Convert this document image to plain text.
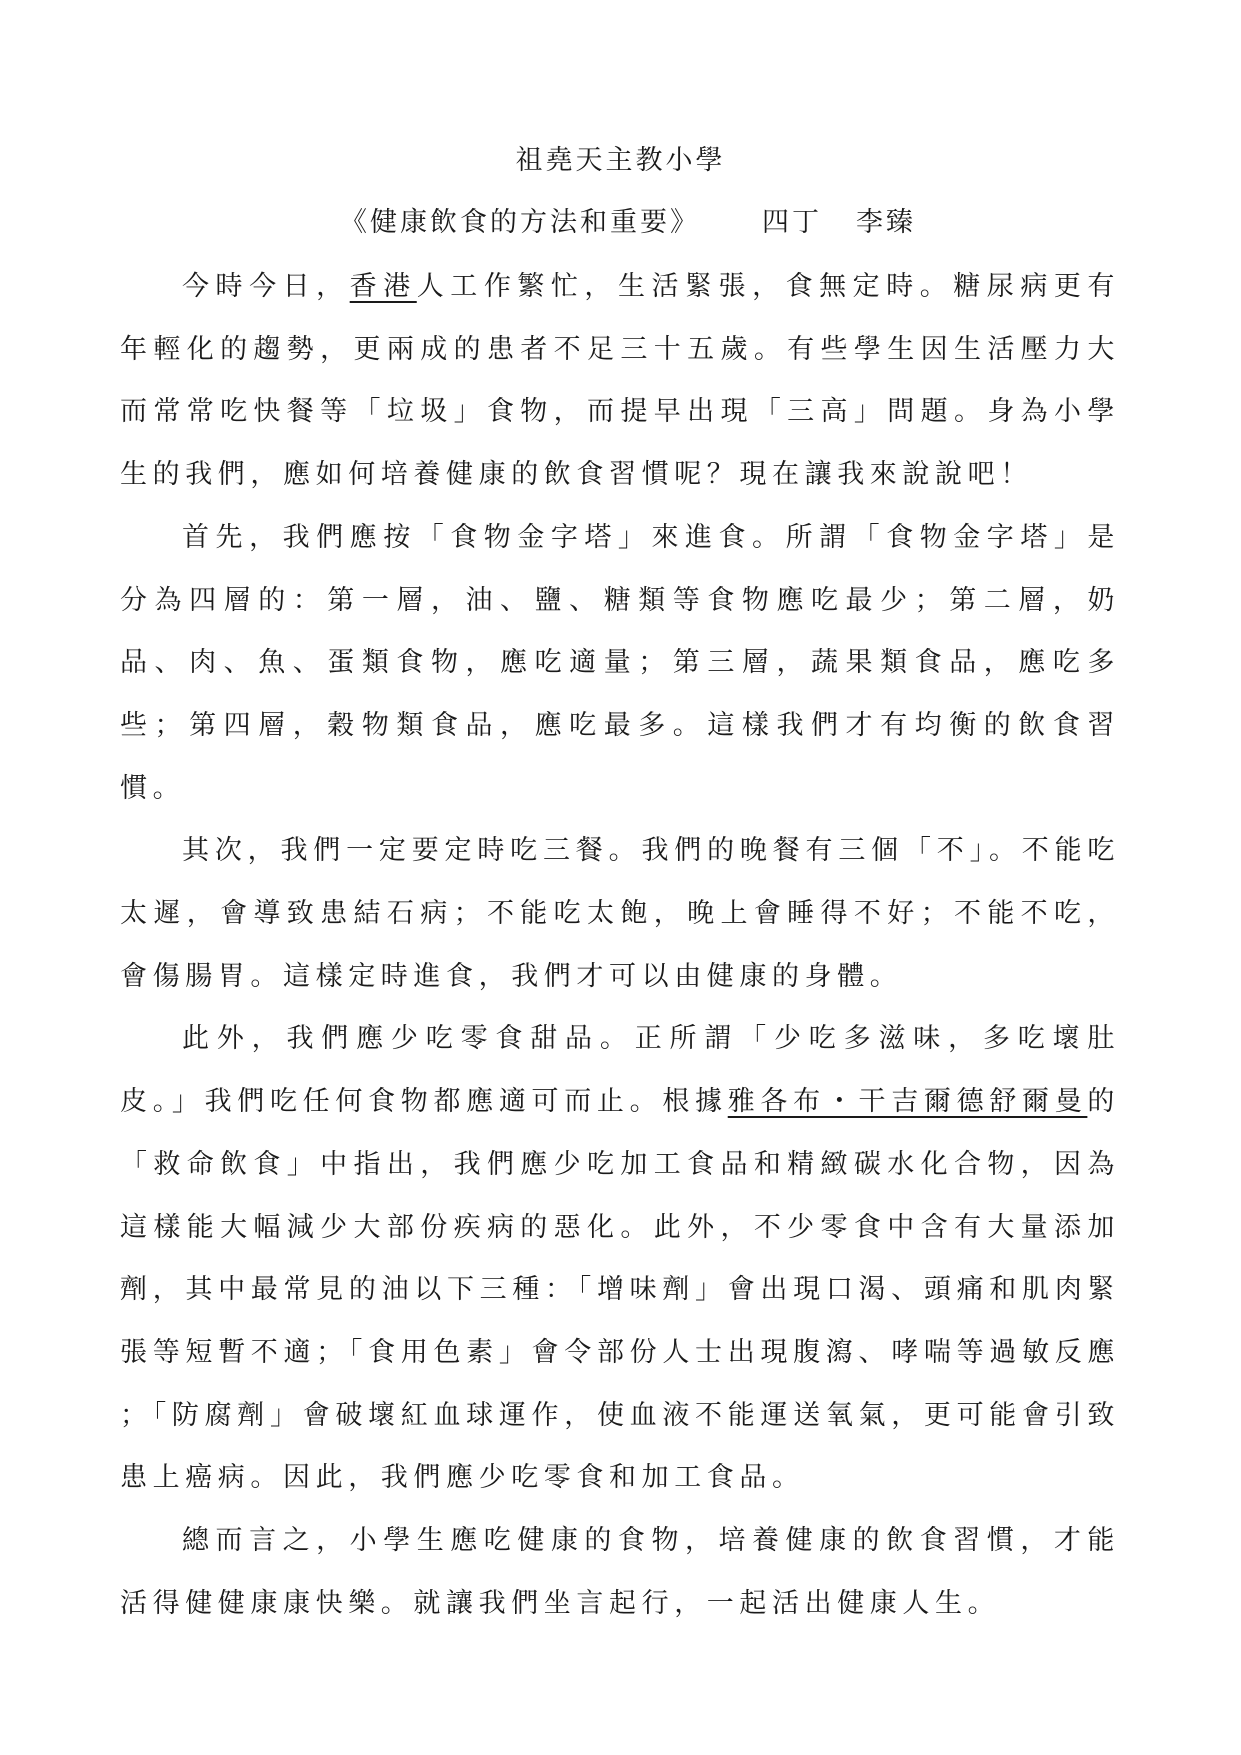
祖堯天主教小學
《健康飲食的方法和重要》 四丁 李臻

今時今日，香港人工作繁忙，生活緊張，食無定時。糖尿病更有年輕化的趨勢，更兩成的患者不足三十五歲。有些學生因生活壓力大而常常吃快餐等「垃圾」食物，而提早出現「三高」問題。身為小學生的我們，應如何培養健康的飲食習慣呢？現在讓我來說說吧！

首先，我們應按「食物金字塔」來進食。所謂「食物金字塔」是分為四層的：第一層，油、鹽、糖類等食物應吃最少；第二層，奶品、肉、魚、蛋類食物，應吃適量；第三層，蔬果類食品，應吃多些；第四層，穀物類食品，應吃最多。這樣我們才有均衡的飲食習慣。

其次，我們一定要定時吃三餐。我們的晚餐有三個「不」。不能吃太遲，會導致患結石病；不能吃太飽，晚上會睡得不好；不能不吃，會傷腸胃。這樣定時進食，我們才可以由健康的身體。

此外，我們應少吃零食甜品。正所謂「少吃多滋味，多吃壞肚皮。」我們吃任何食物都應適可而止。根據雅各布・干吉爾德舒爾曼的「救命飲食」中指出，我們應少吃加工食品和精緻碳水化合物，因為這樣能大幅減少大部份疾病的惡化。此外，不少零食中含有大量添加劑，其中最常見的油以下三種：「增味劑」會出現口渴、頭痛和肌肉緊張等短暫不適；「食用色素」會令部份人士出現腹瀉、哮喘等過敏反應 ；「防腐劑」會破壞紅血球運作，使血液不能運送氧氣，更可能會引致患上癌病。因此，我們應少吃零食和加工食品。

總而言之，小學生應吃健康的食物，培養健康的飲食習慣，才能活得健健康康快樂。就讓我們坐言起行，一起活出健康人生。
